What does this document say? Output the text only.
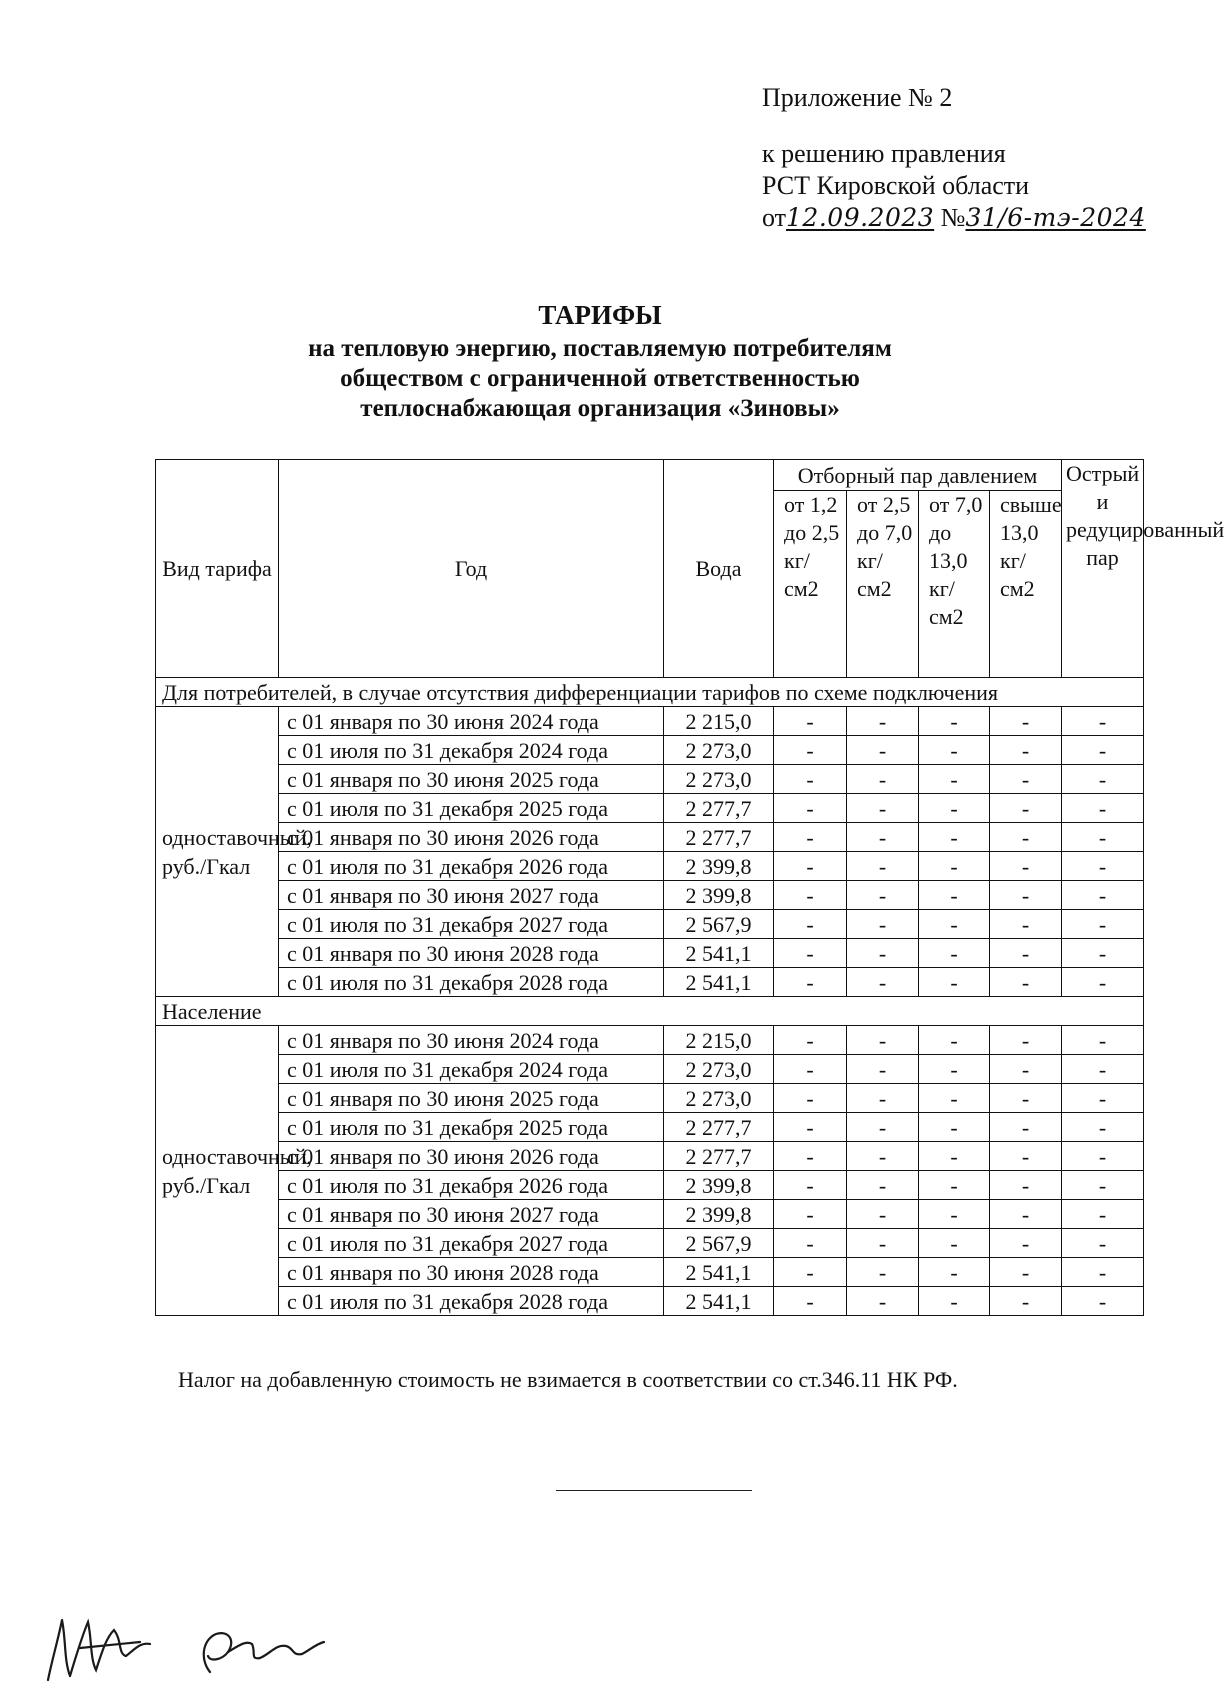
Приложение № 2
к решению правления
РСТ Кировской области
от12.09.2023 №31/6-тэ-2024
ТАРИФЫ
на тепловую энергию, поставляемую потребителям
обществом с ограниченной ответственностью
теплоснабжающая организация «Зиновы»
Вид тарифа	Год	Вода	Отборный пар давлением				Острый и редуцированный пар
			от 1,2 до 2,5 кг/см2	от 2,5 до 7,0 кг/см2	от 7,0 до 13,0 кг/см2	свыше 13,0 кг/см2	
Для потребителей, в случае отсутствия дифференциации тарифов по схеме подключения							
одноставочный, руб./Гкал	с 01 января по 30 июня 2024 года	2 215,0	-	-	-	-	-
	с 01 июля по 31 декабря 2024 года	2 273,0	-	-	-	-	-
	с 01 января по 30 июня 2025 года	2 273,0	-	-	-	-	-
	с 01 июля по 31 декабря 2025 года	2 277,7	-	-	-	-	-
	с 01 января по 30 июня 2026 года	2 277,7	-	-	-	-	-
	с 01 июля по 31 декабря 2026 года	2 399,8	-	-	-	-	-
	с 01 января по 30 июня 2027 года	2 399,8	-	-	-	-	-
	с 01 июля по 31 декабря 2027 года	2 567,9	-	-	-	-	-
	с 01 января по 30 июня 2028 года	2 541,1	-	-	-	-	-
	с 01 июля по 31 декабря 2028 года	2 541,1	-	-	-	-	-
Население							
одноставочный, руб./Гкал	с 01 января по 30 июня 2024 года	2 215,0	-	-	-	-	-
	с 01 июля по 31 декабря 2024 года	2 273,0	-	-	-	-	-
	с 01 января по 30 июня 2025 года	2 273,0	-	-	-	-	-
	с 01 июля по 31 декабря 2025 года	2 277,7	-	-	-	-	-
	с 01 января по 30 июня 2026 года	2 277,7	-	-	-	-	-
	с 01 июля по 31 декабря 2026 года	2 399,8	-	-	-	-	-
	с 01 января по 30 июня 2027 года	2 399,8	-	-	-	-	-
	с 01 июля по 31 декабря 2027 года	2 567,9	-	-	-	-	-
	с 01 января по 30 июня 2028 года	2 541,1	-	-	-	-	-
	с 01 июля по 31 декабря 2028 года	2 541,1	-	-	-	-	-
Налог на добавленную стоимость не взимается в соответствии со ст.346.11 НК РФ.
